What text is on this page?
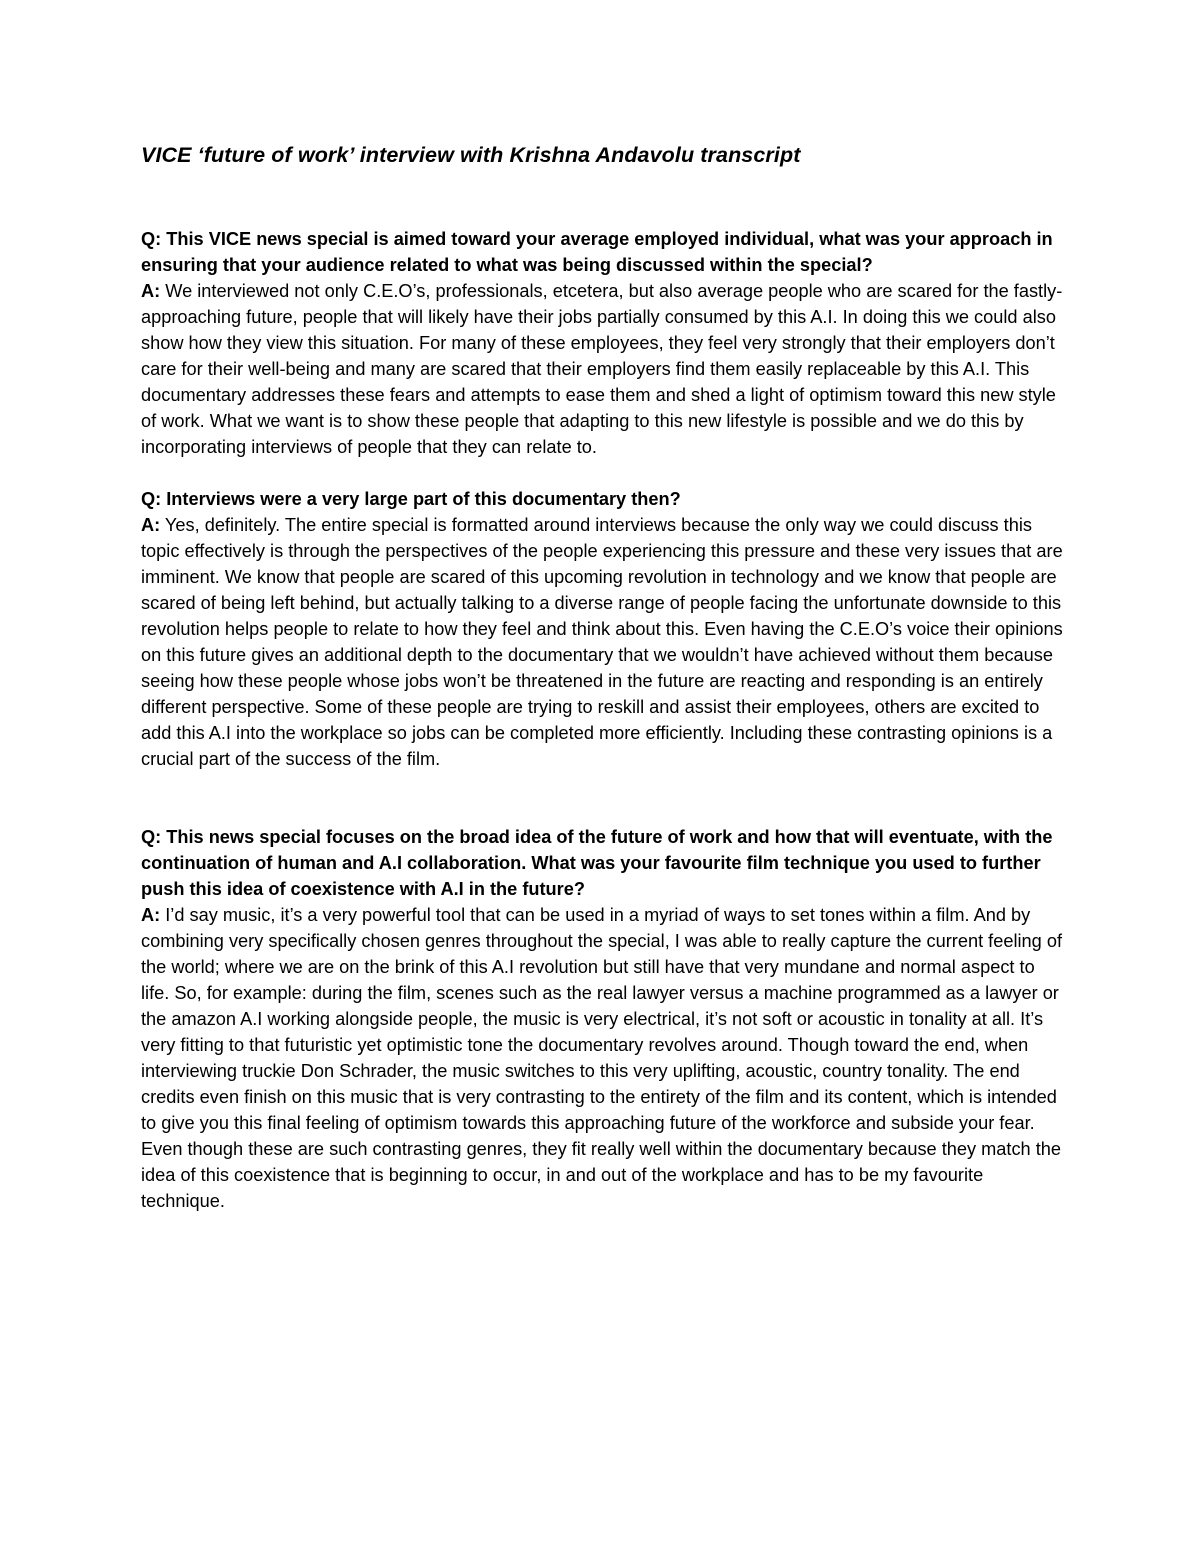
VICE ‘future of work’ interview with Krishna Andavolu transcript

Q: This VICE news special is aimed toward your average employed individual, what was your approach in ensuring that your audience related to what was being discussed within the special?

A: We interviewed not only C.E.O’s, professionals, etcetera, but also average people who are scared for the fastly-approaching future, people that will likely have their jobs partially consumed by this A.I. In doing this we could also show how they view this situation. For many of these employees, they feel very strongly that their employers don’t care for their well-being and many are scared that their employers find them easily replaceable by this A.I. This documentary addresses these fears and attempts to ease them and shed a light of optimism toward this new style of work. What we want is to show these people that adapting to this new lifestyle is possible and we do this by incorporating interviews of people that they can relate to.

Q: Interviews were a very large part of this documentary then?

A: Yes, definitely. The entire special is formatted around interviews because the only way we could discuss this topic effectively is through the perspectives of the people experiencing this pressure and these very issues that are imminent. We know that people are scared of this upcoming revolution in technology and we know that people are scared of being left behind, but actually talking to a diverse range of people facing the unfortunate downside to this revolution helps people to relate to how they feel and think about this. Even having the C.E.O’s voice their opinions on this future gives an additional depth to the documentary that we wouldn’t have achieved without them because seeing how these people whose jobs won’t be threatened in the future are reacting and responding is an entirely different perspective. Some of these people are trying to reskill and assist their employees, others are excited to add this A.I into the workplace so jobs can be completed more efficiently. Including these contrasting opinions is a crucial part of the success of the film.

Q: This news special focuses on the broad idea of the future of work and how that will eventuate, with the continuation of human and A.I collaboration. What was your favourite film technique you used to further push this idea of coexistence with A.I in the future?

A: I’d say music, it’s a very powerful tool that can be used in a myriad of ways to set tones within a film. And by combining very specifically chosen genres throughout the special, I was able to really capture the current feeling of the world; where we are on the brink of this A.I revolution but still have that very mundane and normal aspect to life. So, for example: during the film, scenes such as the real lawyer versus a machine programmed as a lawyer or the amazon A.I working alongside people, the music is very electrical, it’s not soft or acoustic in tonality at all. It’s very fitting to that futuristic yet optimistic tone the documentary revolves around. Though toward the end, when interviewing truckie Don Schrader, the music switches to this very uplifting, acoustic, country tonality. The end credits even finish on this music that is very contrasting to the entirety of the film and its content, which is intended to give you this final feeling of optimism towards this approaching future of the workforce and subside your fear. Even though these are such contrasting genres, they fit really well within the documentary because they match the idea of this coexistence that is beginning to occur, in and out of the workplace and has to be my favourite technique.
